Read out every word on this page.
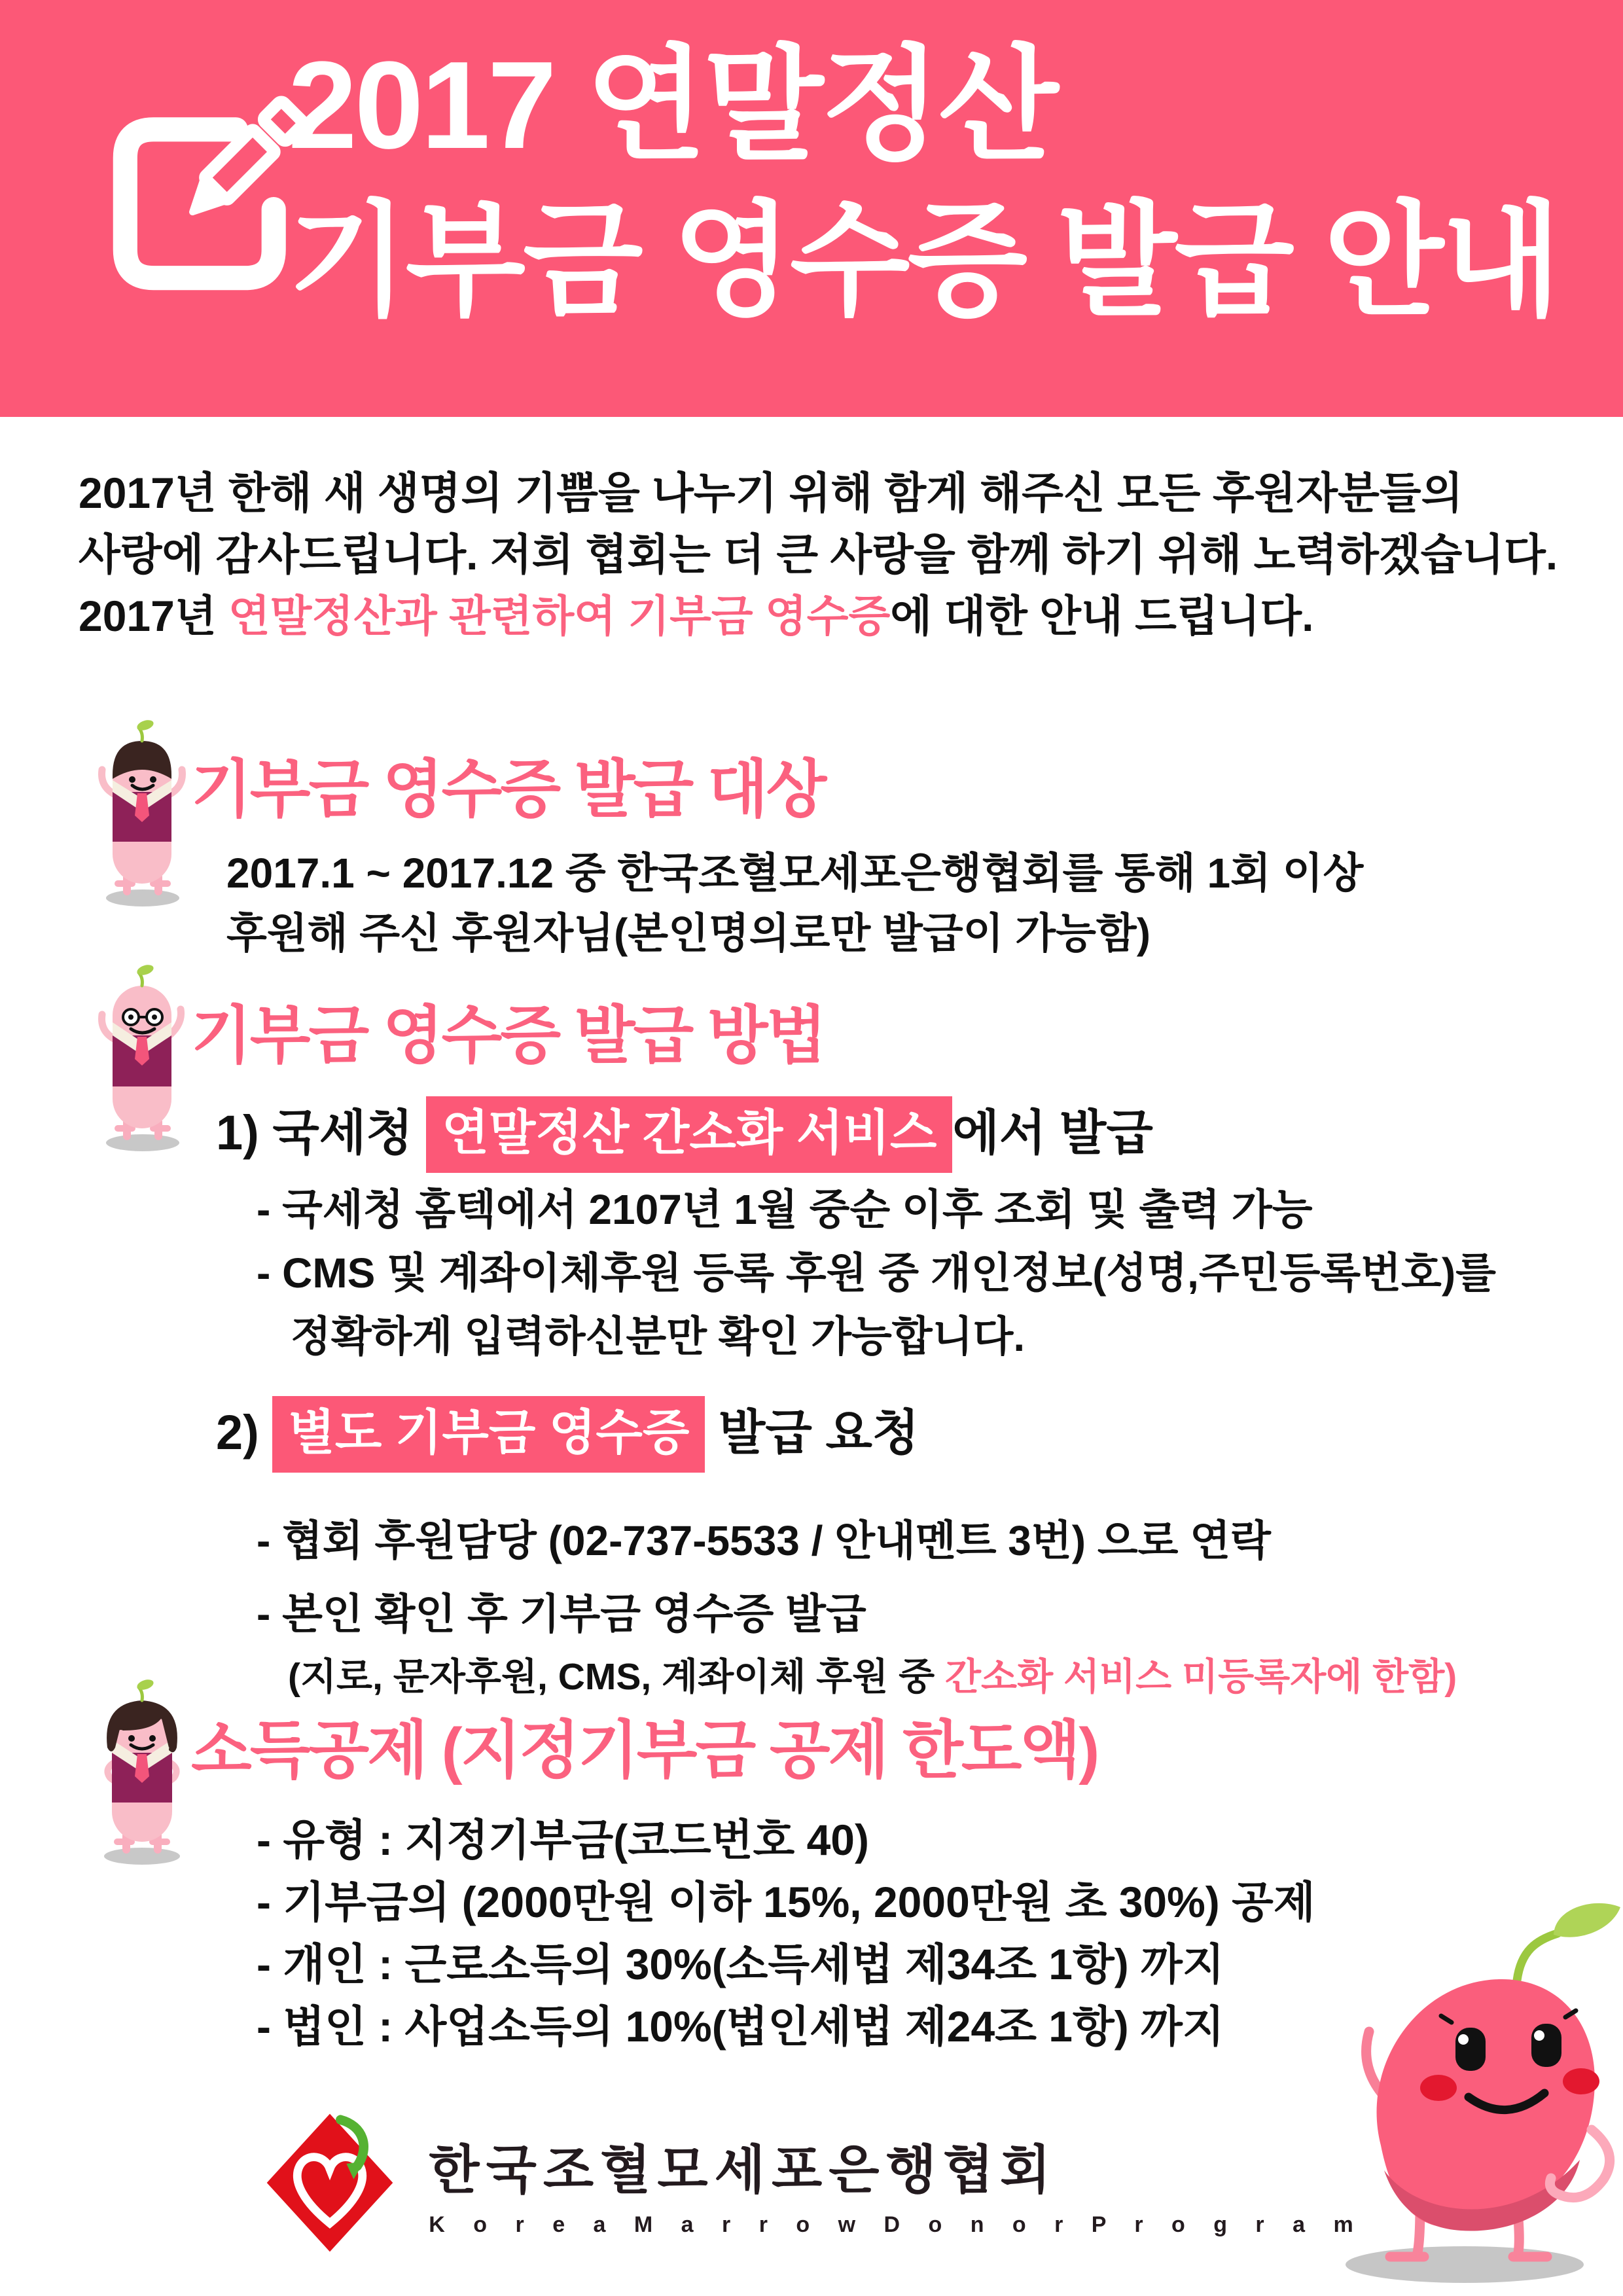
2017 연말정산
기부금 영수증 발급 안내

2017년 한해 새 생명의 기쁨을 나누기 위해 함게 해주신 모든 후원자분들의
사랑에 감사드립니다. 저희 협회는 더 큰 사랑을 함께 하기 위해 노력하겠습니다.
2017년 연말정산과 관련하여 기부금 영수증에 대한 안내 드립니다.

기부금 영수증 발급 대상
2017.1 ~ 2017.12 중 한국조혈모세포은행협회를 통해 1회 이상
후원해 주신 후원자님(본인명의로만 발급이 가능함)
기부금 영수증 발급 방법
1) 국세청 연말정산 간소화 서비스 에서 발급
- 국세청 홈텍에서 2107년 1월 중순 이후 조회 및 출력 가능
- CMS 및 계좌이체후원 등록 후원 중 개인정보(성명,주민등록번호)를
정확하게 입력하신분만 확인 가능합니다.
2) 별도 기부금 영수증 발급 요청
- 협회 후원담당 (02-737-5533 / 안내멘트 3번) 으로 연락
- 본인 확인 후 기부금 영수증 발급
(지로, 문자후원, CMS, 계좌이체 후원 중 간소화 서비스 미등록자에 한함)
소득공제 (지정기부금 공제 한도액)
- 유형 : 지정기부금(코드번호 40)
- 기부금의 (2000만원 이하 15%, 2000만원 초 30%) 공제
- 개인 : 근로소득의 30%(소득세법 제34조 1항) 까지
- 법인 : 사업소득의 10%(법인세법 제24조 1항) 까지
한국조혈모세포은행협회
K o r e a M a r r o w D o n o r P r o g r a m
